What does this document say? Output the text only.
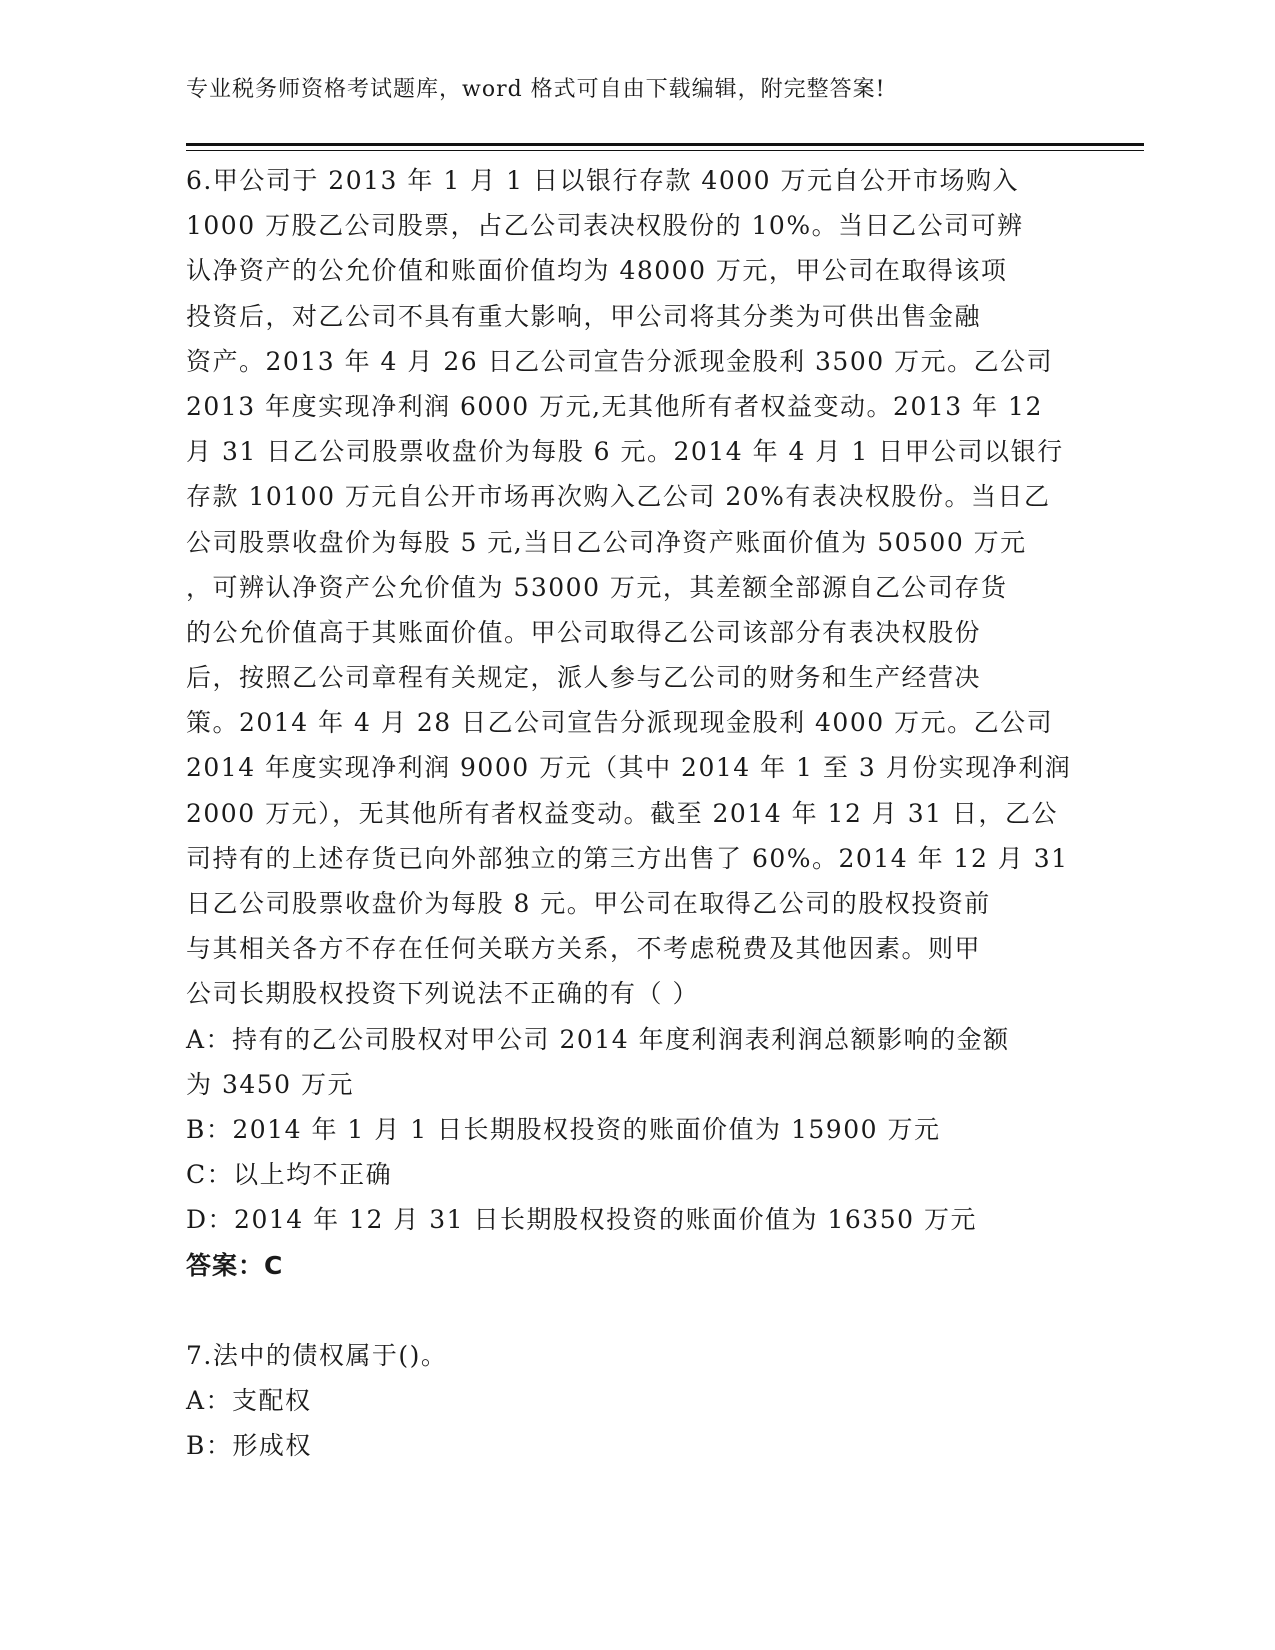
专业税务师资格考试题库，word 格式可自由下载编辑，附完整答案!
6.甲公司于 2013 年 1 月 1 日以银行存款 4000 万元自公开市场购入
1000 万股乙公司股票，占乙公司表决权股份的 10%。当日乙公司可辨
认净资产的公允价值和账面价值均为 48000 万元，甲公司在取得该项
投资后，对乙公司不具有重大影响，甲公司将其分类为可供出售金融
资产。2013 年 4 月 26 日乙公司宣告分派现金股利 3500 万元。乙公司
2013 年度实现净利润 6000 万元,无其他所有者权益变动。2013 年 12
月 31 日乙公司股票收盘价为每股 6 元。2014 年 4 月 1 日甲公司以银行
存款 10100 万元自公开市场再次购入乙公司 20%有表决权股份。当日乙
公司股票收盘价为每股 5 元,当日乙公司净资产账面价值为 50500 万元
，可辨认净资产公允价值为 53000 万元，其差额全部源自乙公司存货
的公允价值高于其账面价值。甲公司取得乙公司该部分有表决权股份
后，按照乙公司章程有关规定，派人参与乙公司的财务和生产经营决
策。2014 年 4 月 28 日乙公司宣告分派现现金股利 4000 万元。乙公司
2014 年度实现净利润 9000 万元（其中 2014 年 1 至 3 月份实现净利润
2000 万元），无其他所有者权益变动。截至 2014 年 12 月 31 日，乙公
司持有的上述存货已向外部独立的第三方出售了 60%。2014 年 12 月 31
日乙公司股票收盘价为每股 8 元。甲公司在取得乙公司的股权投资前
与其相关各方不存在任何关联方关系，不考虑税费及其他因素。则甲
公司长期股权投资下列说法不正确的有（ ）
A：持有的乙公司股权对甲公司 2014 年度利润表利润总额影响的金额
为 3450 万元
B：2014 年 1 月 1 日长期股权投资的账面价值为 15900 万元
C：以上均不正确
D：2014 年 12 月 31 日长期股权投资的账面价值为 16350 万元
答案：C
7.法中的债权属于()。
A：支配权
B：形成权
